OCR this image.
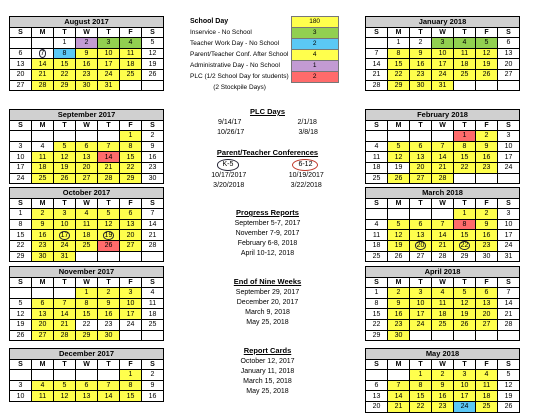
August 2017						
S	M	T	W	T	F	S
		1	2	3	4	5
6	7	8	9	10	11	12
13	14	15	16	17	18	19
20	21	22	23	24	25	26
27	28	29	30	31		
September 2017						
S	M	T	W	T	F	S
					1	2
3	4	5	6	7	8	9
10	11	12	13	14	15	16
17	18	19	20	21	22	23
24	25	26	27	28	29	30
October 2017						
S	M	T	W	T	F	S
1	2	3	4	5	6	7
8	9	10	11	12	13	14
15	16	17	18	19	20	21
22	23	24	25	26	27	28
29	30	31				
November 2017						
S	M	T	W	T	F	S
			1	2	3	4
5	6	7	8	9	10	11
12	13	14	15	16	17	18
19	20	21	22	23	24	25
26	27	28	29	30		
December 2017						
S	M	T	W	T	F	S
					1	2
3	4	5	6	7	8	9
10	11	12	13	14	15	16
January 2018						
S	M	T	W	T	F	S
	1	2	3	4	5	6
7	8	9	10	11	12	13
14	15	16	17	18	19	20
21	22	23	24	25	26	27
28	29	30	31			
February 2018						
S	M	T	W	T	F	S
				1	2	3
4	5	6	7	8	9	10
11	12	13	14	15	16	17
18	19	20	21	22	23	24
25	26	27	28			
March 2018						
S	M	T	W	T	F	S
				1	2	3
4	5	6	7	8	9	10
11	12	13	14	15	16	17
18	19	20	21	22	23	24
25	26	27	28	29	30	31
April 2018						
S	M	T	W	T	F	S
1	2	3	4	5	6	7
8	9	10	11	12	13	14
15	16	17	18	19	20	21
22	23	24	25	26	27	28
29	30					
May 2018						
S	M	T	W	T	F	S
		1	2	3	4	5
6	7	8	9	10	11	12
13	14	15	16	17	18	19
20	21	22	23	24	25	26
School Day	180
Inservice - No School	3
Teacher Work Day - No School	2
Parent/Teacher Conf. After School	4
Administrative Day - No School	1
PLC (1/2 School Day for students)	2
(2 Stockpile Days)	
PLC Days
9/14/17	2/1/18
10/26/17	3/8/18
Parent/Teacher Conferences
K-5	6-12
10/17/2017	10/19/2017
3/20/2018	3/22/2018
Progress Reports
September 5-7, 2017
November 7-9, 2017
February 6-8, 2018
April 10-12, 2018
End of Nine Weeks
September 29, 2017
December 20, 2017
March 9, 2018
May 25, 2018
Report Cards
October 12, 2017
January 11, 2018
March 15, 2018
May 25, 2018
